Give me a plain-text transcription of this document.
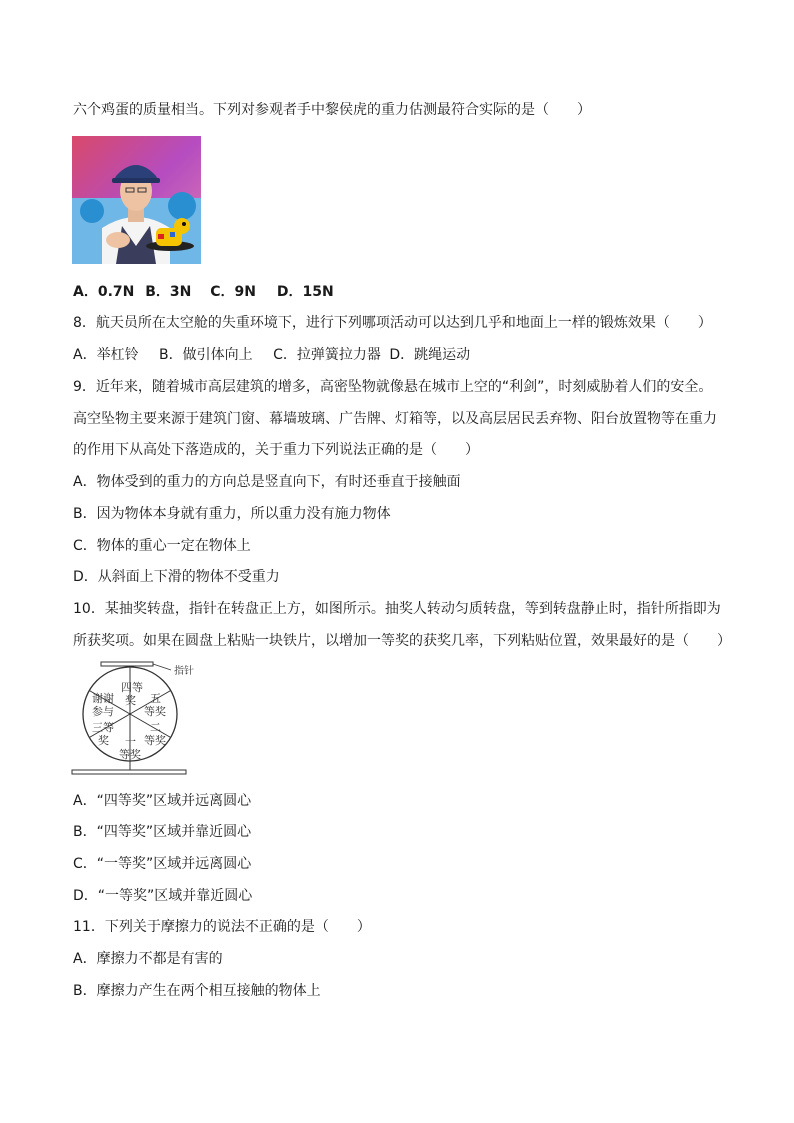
六个鸡蛋的质量相当。下列对参观者手中黎侯虎的重力估测最符合实际的是（　　）
A．0.7N B．3N C．9N D．15N
8．航天员所在太空舱的失重环境下，进行下列哪项活动可以达到几乎和地面上一样的锻炼效果（　　）
A．举杠铃 B．做引体向上 C．拉弹簧拉力器 D．跳绳运动
9．近年来，随着城市高层建筑的增多，高密坠物就像悬在城市上空的“利剑”，时刻威胁着人们的安全。
高空坠物主要来源于建筑门窗、幕墙玻璃、广告牌、灯箱等，以及高层居民丢弃物、阳台放置物等在重力
的作用下从高处下落造成的，关于重力下列说法正确的是（　　）
A．物体受到的重力的方向总是竖直向下，有时还垂直于接触面
B．因为物体本身就有重力，所以重力没有施力物体
C．物体的重心一定在物体上
D．从斜面上下滑的物体不受重力
10．某抽奖转盘，指针在转盘正上方，如图所示。抽奖人转动匀质转盘，等到转盘静止时，指针所指即为
所获奖项。如果在圆盘上粘贴一块铁片，以增加一等奖的获奖几率，下列粘贴位置，效果最好的是（　　）
指针
四等
奖 五
等奖
二
等奖
一
等奖
三等
奖
谢谢
参与
A．“四等奖”区域并远离圆心
B．“四等奖”区域并靠近圆心
C．“一等奖”区域并远离圆心
D．“一等奖”区域并靠近圆心
11．下列关于摩擦力的说法不正确的是（　　）
A．摩擦力不都是有害的
B．摩擦力产生在两个相互接触的物体上
